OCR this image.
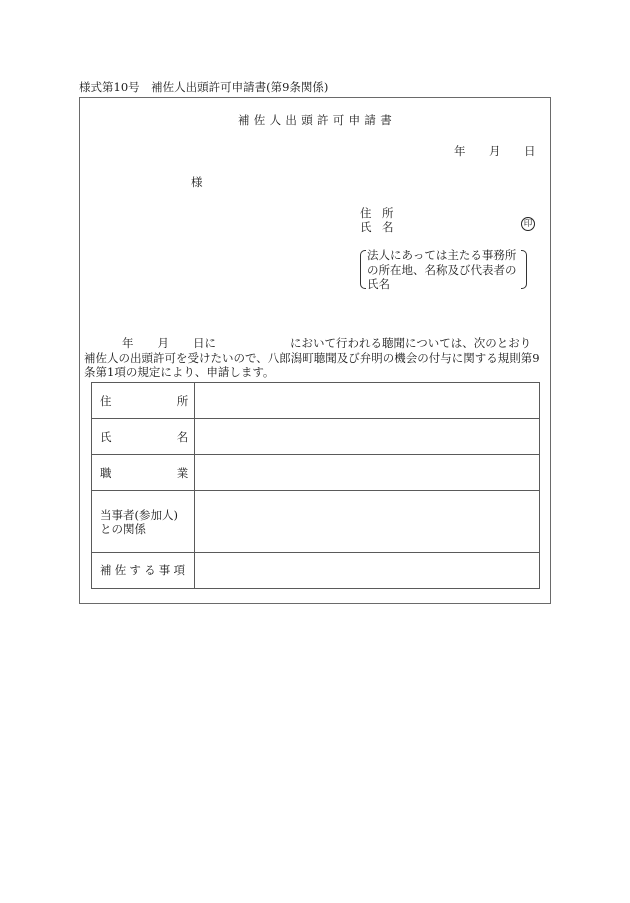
様式第10号　補佐人出頭許可申請書(第9条関係)
補佐人出頭許可申請書
年 月 日
様
住 所
氏 名	印
法人にあっては主たる事務所の所在地、名称及び代表者の氏名
年 月 日に	において行われる聴聞については、次のとおり
補佐人の出頭許可を受けたいので、八郎潟町聴聞及び弁明の機会の付与に関する規則第9
条第1項の規定により、申請します。
住 所	

氏 名	

職 業	

当事者(参加人)
との関係	

補佐する事項	
